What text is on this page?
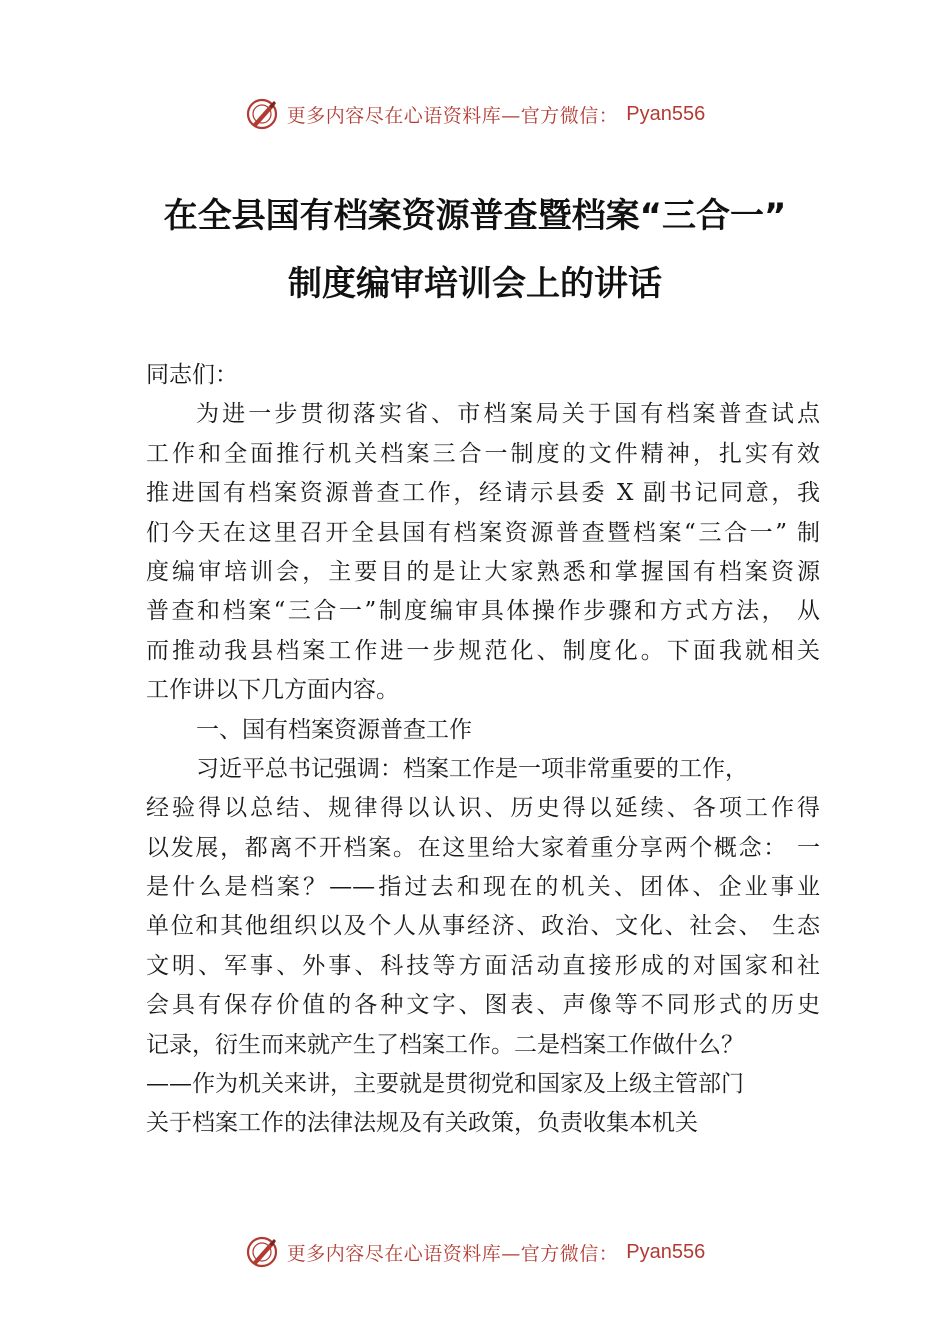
更多内容尽在心语资料库—官方微信： Pyan556
在全县国有档案资源普查暨档案“三合一”
制度编审培训会上的讲话
同志们：
为进一步贯彻落实省、市档案局关于国有档案普查试点
工作和全面推行机关档案三合一制度的文件精神，扎实有效
推进国有档案资源普查工作，经请示县委 X 副书记同意，我
们今天在这里召开全县国有档案资源普查暨档案“三合一” 制
度编审培训会，主要目的是让大家熟悉和掌握国有档案资源
普查和档案“三合一”制度编审具体操作步骤和方式方法， 从
而推动我县档案工作进一步规范化、制度化。下面我就相关
工作讲以下几方面内容。
一、国有档案资源普查工作
习近平总书记强调：档案工作是一项非常重要的工作，
经验得以总结、规律得以认识、历史得以延续、各项工作得
以发展，都离不开档案。在这里给大家着重分享两个概念： 一
是什么是档案？——指过去和现在的机关、团体、企业事业
单位和其他组织以及个人从事经济、政治、文化、社会、 生态
文明、军事、外事、科技等方面活动直接形成的对国家和社
会具有保存价值的各种文字、图表、声像等不同形式的历史
记录，衍生而来就产生了档案工作。二是档案工作做什么？
——作为机关来讲，主要就是贯彻党和国家及上级主管部门
关于档案工作的法律法规及有关政策，负责收集本机关
更多内容尽在心语资料库—官方微信： Pyan556
